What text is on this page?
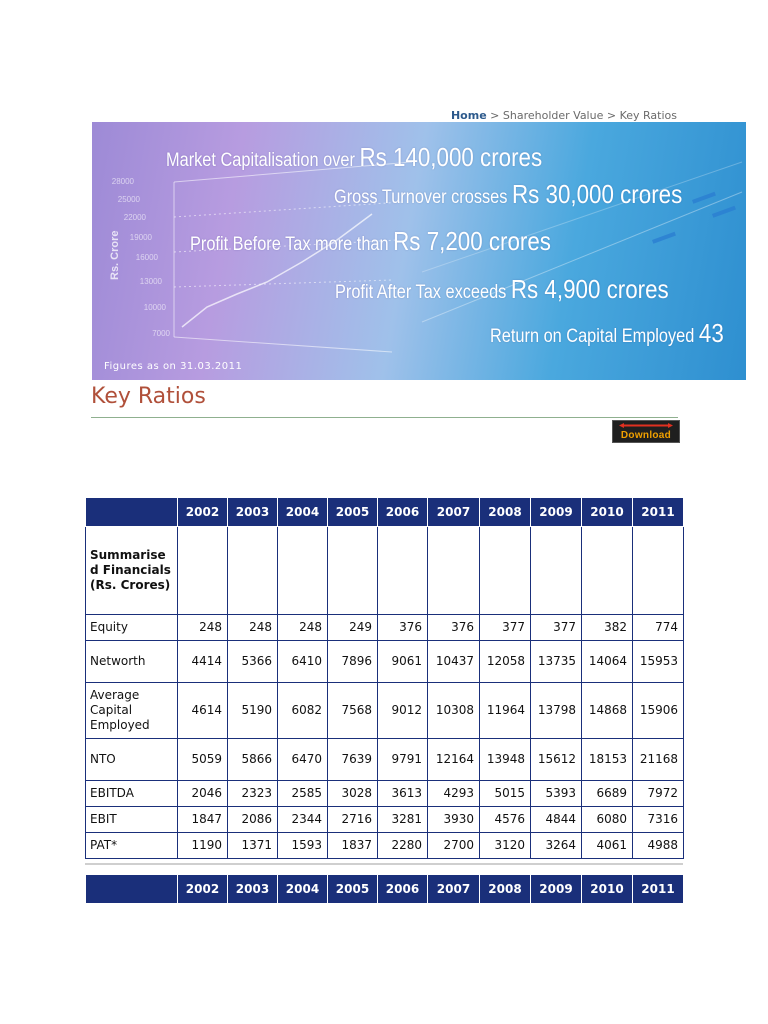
Home > Shareholder Value > Key Ratios
Rs. Crore
28000
25000
22000
19000
16000
13000
10000
7000
Market Capitalisation over Rs 140,000 crores
Gross Turnover crosses Rs 30,000 crores
Profit Before Tax more than Rs 7,200 crores
Profit After Tax exceeds Rs 4,900 crores
Return on Capital Employed 43
Figures as on 31.03.2011
Key Ratios
Download
	2002	2003	2004	2005	2006	2007	2008	2009	2010	2011
Summarised Financials (Rs. Crores)										
Equity	248	248	248	249	376	376	377	377	382	774
Networth	4414	5366	6410	7896	9061	10437	12058	13735	14064	15953
Average Capital Employed	4614	5190	6082	7568	9012	10308	11964	13798	14868	15906
NTO	5059	5866	6470	7639	9791	12164	13948	15612	18153	21168
EBITDA	2046	2323	2585	3028	3613	4293	5015	5393	6689	7972
EBIT	1847	2086	2344	2716	3281	3930	4576	4844	6080	7316
PAT*	1190	1371	1593	1837	2280	2700	3120	3264	4061	4988
	2002	2003	2004	2005	2006	2007	2008	2009	2010	2011
